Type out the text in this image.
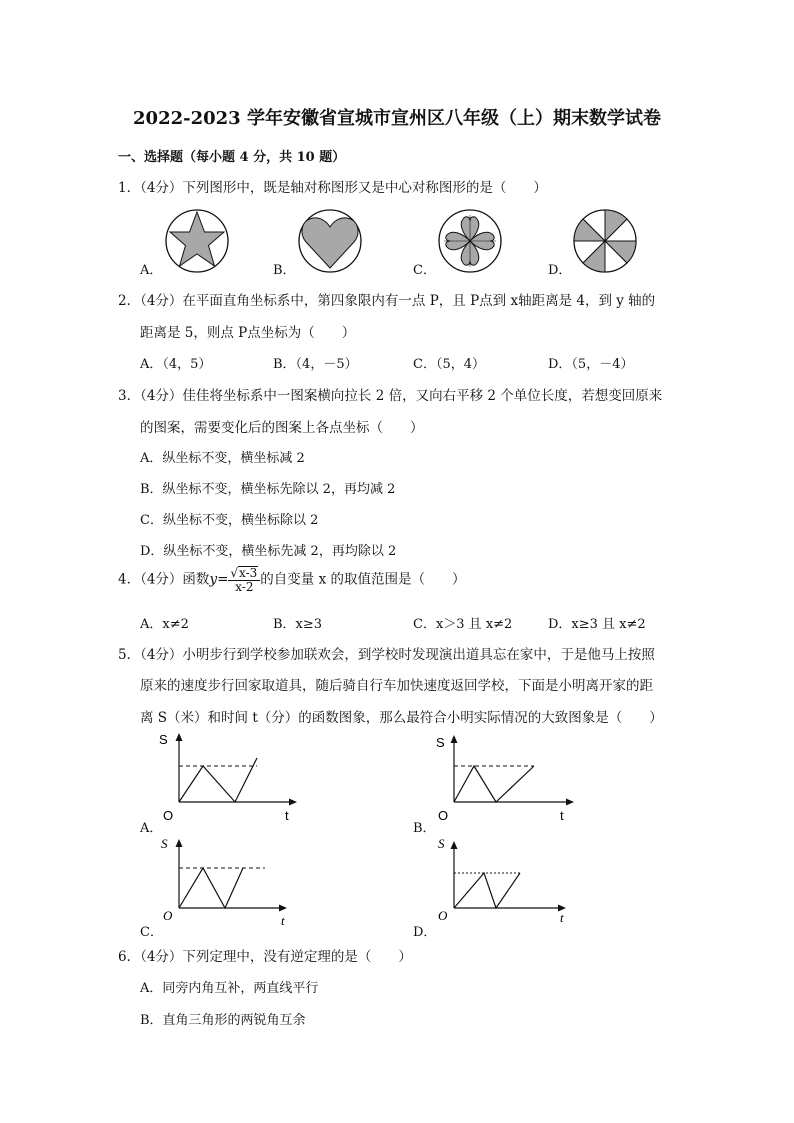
2022-2023 学年安徽省宣城市宣州区八年级（上）期末数学试卷
一、选择题（每小题 4 分，共 10 题）
1．（4分）下列图形中，既是轴对称图形又是中心对称图形的是（　　）
A．	B．	C．	D．
2．（4分）在平面直角坐标系中，第四象限内有一点 P，且 P点到 x轴距离是 4，到 y 轴的
距离是 5，则点 P点坐标为（　　）
A．（4，5）	B．（4，－5）	C．（5，4）	D．（5，－4）
3．（4分）佳佳将坐标系中一图案横向拉长 2 倍，又向右平移 2 个单位长度，若想变回原来
的图案，需要变化后的图案上各点坐标（　　）
A．纵坐标不变，横坐标减 2
B．纵坐标不变，横坐标先除以 2，再均减 2
C．纵坐标不变，横坐标除以 2
D．纵坐标不变，横坐标先减 2，再均除以 2
4．（4分）函数$y= \frac{√x-3}{x-2}$ 的自变量 x 的取值范围是（　　）
A．x≠2	B．x≥3	C．x＞3 且 x≠2	D．x≥3 且 x≠2
5．（4分）小明步行到学校参加联欢会，到学校时发现演出道具忘在家中，于是他马上按照
原来的速度步行回家取道具，随后骑自行车加快速度返回学校，下面是小明离开家的距
离 S（米）和时间 t（分）的函数图象，那么最符合小明实际情况的大致图象是（　　）
A．
S
t
O
B．
S
t
O
C．
S
t
O
D．
S
t
O
6．（4分）下列定理中，没有逆定理的是（　　）
A．同旁内角互补，两直线平行
B．直角三角形的两锐角互余
